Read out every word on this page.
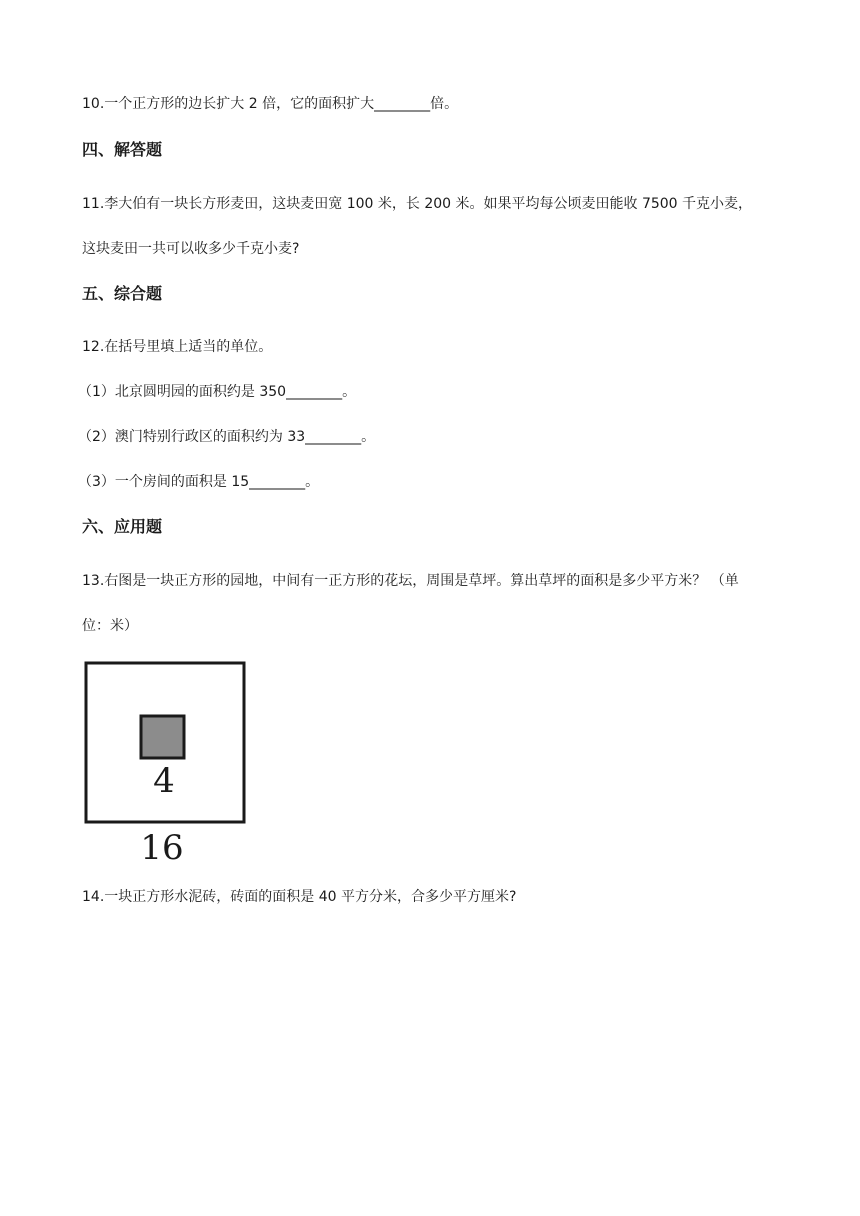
10.一个正方形的边长扩大 2 倍，它的面积扩大________倍。
四、解答题
11.李大伯有一块长方形麦田，这块麦田宽 100 米，长 200 米。如果平均每公顷麦田能收 7500 千克小麦，
这块麦田一共可以收多少千克小麦?
五、综合题
12.在括号里填上适当的单位。
（1）北京圆明园的面积约是 350________。
（2）澳门特别行政区的面积约为 33________。
（3）一个房间的面积是 15________。
六、应用题
13.右图是一块正方形的园地，中间有一正方形的花坛，周围是草坪。算出草坪的面积是多少平方米？ （单
位：米）
4
16
14.一块正方形水泥砖，砖面的面积是 40 平方分米，合多少平方厘米?
